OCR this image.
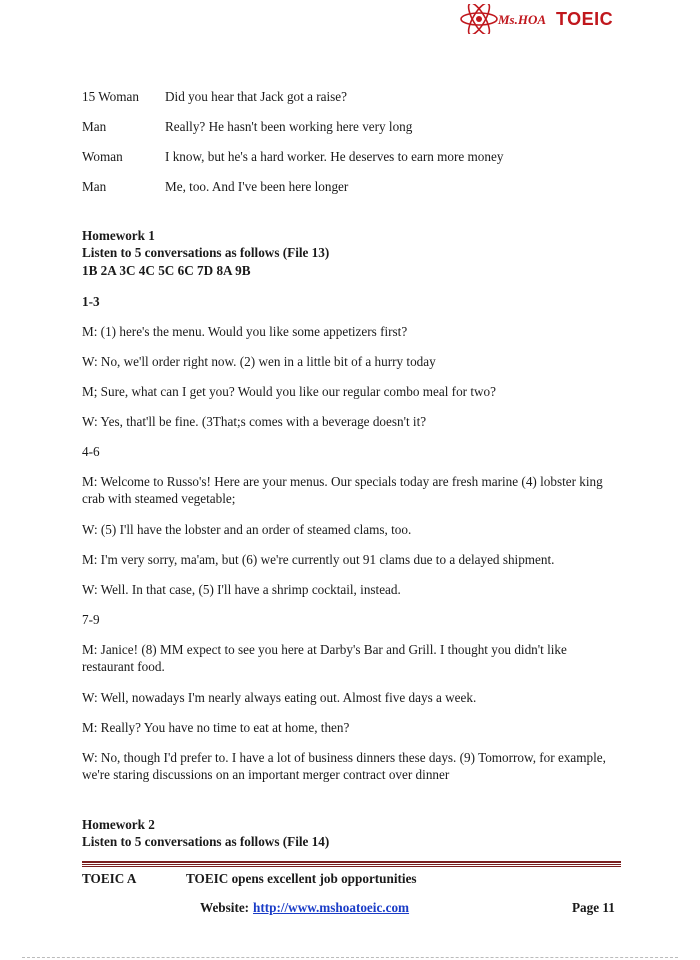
Ms.HOA TOEIC
15 Woman Did you hear that Jack got a raise?
Man	Really? He hasn't been working here very long
Woman	I know, but he's a hard worker. He deserves to earn more money
Man	Me, too. And I've been here longer
Homework 1
Listen to 5 conversations as follows (File 13)
1B 2A 3C 4C 5C 6C 7D 8A 9B
1-3
M: (1) here's the menu. Would you like some appetizers first?
W: No, we'll order right now. (2) wen in a little bit of a hurry today
M; Sure, what can I get you? Would you like our regular combo meal for two?
W: Yes, that'll be fine. (3That;s comes with a beverage doesn't it?
4-6
M: Welcome to Russo's! Here are your menus. Our specials today are fresh marine (4) lobster king crab with steamed vegetable;
W: (5) I'll have the lobster and an order of steamed clams, too.
M: I'm very sorry, ma'am, but (6) we're currently out 91 clams due to a delayed shipment.
W: Well. In that case, (5) I'll have a shrimp cocktail, instead.
7-9
M: Janice! (8) MM expect to see you here at Darby's Bar and Grill. I thought you didn't like restaurant food.
W: Well, nowadays I'm nearly always eating out. Almost five days a week.
M: Really? You have no time to eat at home, then?
W: No, though I'd prefer to. I have a lot of business dinners these days. (9) Tomorrow, for example, we're staring discussions on an important merger contract over dinner
Homework 2
Listen to 5 conversations as follows (File 14)
TOEIC A	TOEIC opens excellent job opportunities
Website: http://www.mshoatoeic.com	Page 11
